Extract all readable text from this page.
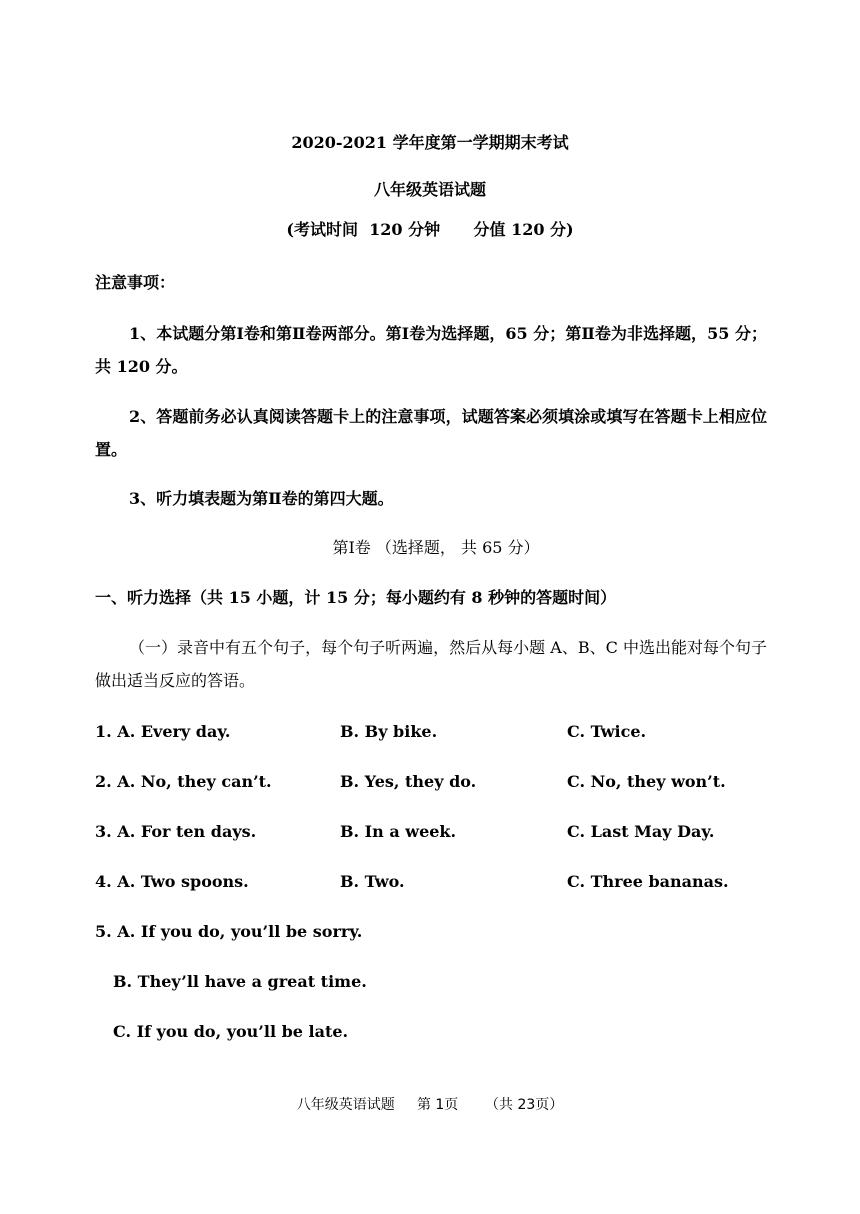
2020-2021 学年度第一学期期末考试
八年级英语试题
(考试时间  120 分钟      分值 120 分)
注意事项：
1、本试题分第Ⅰ卷和第Ⅱ卷两部分。第Ⅰ卷为选择题，65 分；第Ⅱ卷为非选择题，55 分；共 120 分。
2、答题前务必认真阅读答题卡上的注意事项，试题答案必须填涂或填写在答题卡上相应位置。
3、听力填表题为第Ⅱ卷的第四大题。
第Ⅰ卷 （选择题， 共 65 分）
一、听力选择（共 15 小题，计 15 分；每小题约有 8 秒钟的答题时间）
（一）录音中有五个句子，每个句子听两遍，然后从每小题 A、B、C 中选出能对每个句子做出适当反应的答语。
1. A. Every day.	B. By bike.	C. Twice.
2. A. No, they can’t.	B. Yes, they do.	C. No, they won’t.
3. A. For ten days.	B. In a week.	C. Last May Day.
4. A. Two spoons.	B. Two.	C. Three bananas.
5. A. If you do, you’ll be sorry.
B. They’ll have a great time.
C. If you do, you’ll be late.
八年级英语试题     第 1页      （共 23页）
